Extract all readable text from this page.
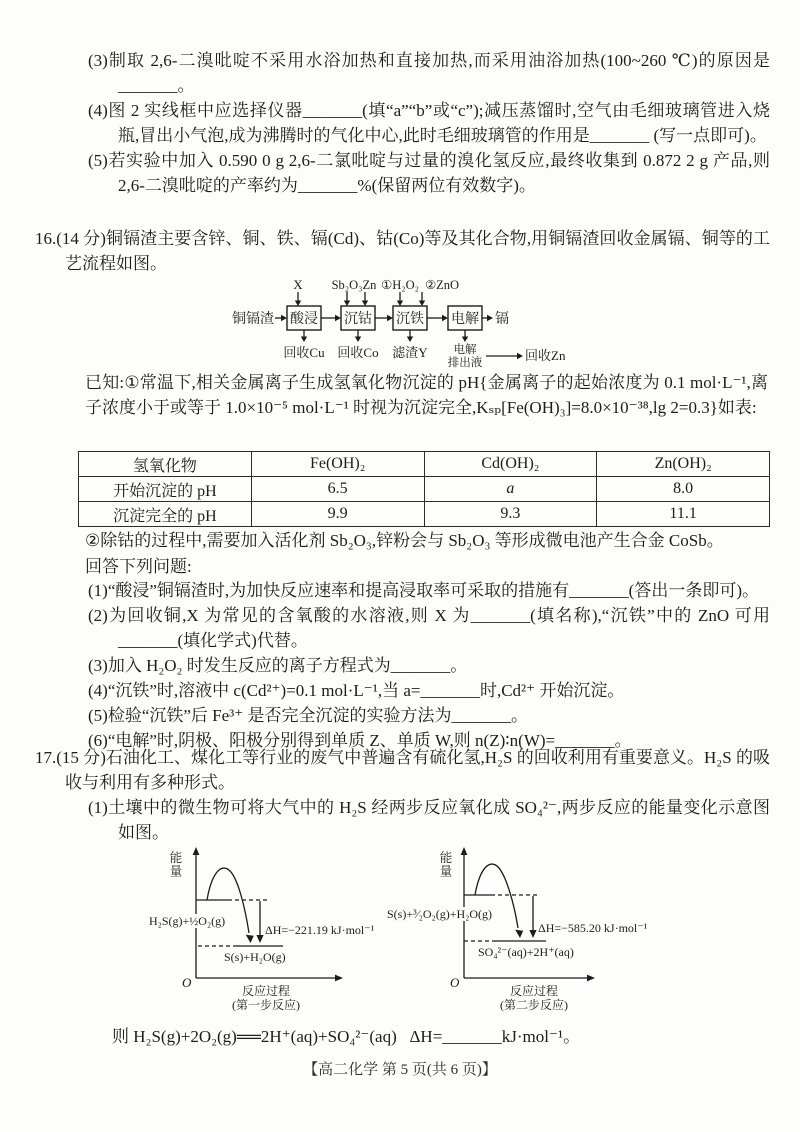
(3)制取 2,6-二溴吡啶不采用水浴加热和直接加热,而采用油浴加热(100~260 ℃)的原因是_______。

(4)图 2 实线框中应选择仪器_______(填“a”“b”或“c”);减压蒸馏时,空气由毛细玻璃管进入烧瓶,冒出小气泡,成为沸腾时的气化中心,此时毛细玻璃管的作用是_______ (写一点即可)。

(5)若实验中加入 0.590 0 g 2,6-二氯吡啶与过量的溴化氢反应,最终收集到 0.872 2 g 产品,则 2,6-二溴吡啶的产率约为_______%(保留两位有效数字)。

16.(14 分)铜镉渣主要含锌、铜、铁、镉(Cd)、钴(Co)等及其化合物,用铜镉渣回收金属镉、铜等的工艺流程如图。

X Sb₂O₃Zn ①H₂O₂ ②ZnO
铜镉渣 酸浸 沉钴 沉铁 电解 镉
回收Cu 回收Co 滤渣Y 电解
排出液	回收Zn

已知:①常温下,相关金属离子生成氢氧化物沉淀的 pH{金属离子的起始浓度为 0.1 mol·L⁻¹,离子浓度小于或等于 1.0×10⁻⁵ mol·L⁻¹ 时视为沉淀完全,Kₛₚ[Fe(OH)₃]=8.0×10⁻³⁸,lg 2=0.3}如表:

氢氧化物	Fe(OH)₂	Cd(OH)₂	Zn(OH)₂
开始沉淀的 pH	6.5	a	8.0
沉淀完全的 pH	9.9	9.3	11.1

②除钴的过程中,需要加入活化剂 Sb₂O₃,锌粉会与 Sb₂O₃ 等形成微电池产生合金 CoSb。

回答下列问题:

(1)“酸浸”铜镉渣时,为加快反应速率和提高浸取率可采取的措施有_______(答出一条即可)。

(2)为回收铜,X 为常见的含氧酸的水溶液,则 X 为_______(填名称),“沉铁”中的 ZnO 可用_______(填化学式)代替。

(3)加入 H₂O₂ 时发生反应的离子方程式为_______。

(4)“沉铁”时,溶液中 c(Cd²⁺)=0.1 mol·L⁻¹,当 a=_______时,Cd²⁺ 开始沉淀。

(5)检验“沉铁”后 Fe³⁺ 是否完全沉淀的实验方法为_______。

(6)“电解”时,阴极、阳极分别得到单质 Z、单质 W,则 n(Z)∶n(W)=_______。

17.(15 分)石油化工、煤化工等行业的废气中普遍含有硫化氢,H₂S 的回收利用有重要意义。H₂S 的吸收与利用有多种形式。

(1)土壤中的微生物可将大气中的 H₂S 经两步反应氧化成 SO₄²⁻,两步反应的能量变化示意图如图。

能量
H₂S(g)+½O₂(g)
ΔH=−221.19 kJ·mol⁻¹
S(s)+H₂O(g)
O
反应过程
(第一步反应)
能量
S(s)+³⁄₂O₂(g)+H₂O(g)
ΔH=−585.20 kJ·mol⁻¹
SO₄²⁻(aq)+2H⁺(aq)
O
反应过程
(第二步反应)
则 H₂S(g)+2O₂(g)══2H⁺(aq)+SO₄²⁻(aq)   ΔH=_______kJ·mol⁻¹。
【高二化学 第 5 页(共 6 页)】
